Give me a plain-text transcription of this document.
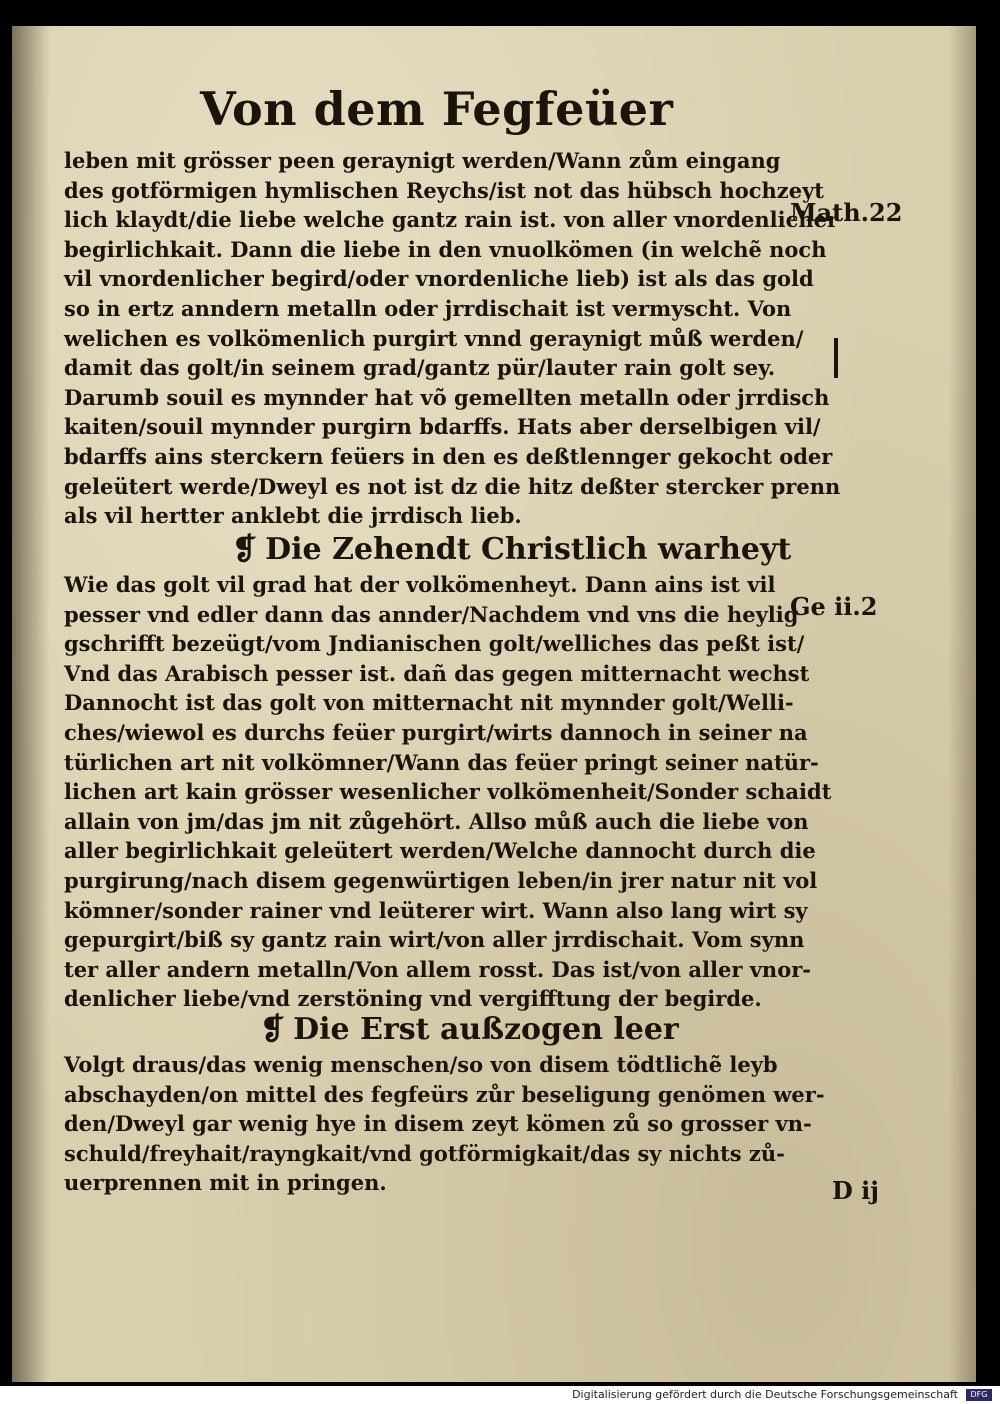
Von dem Fegfeüer
leben mit grösser peen geraynigt werden/Wann zům eingang
des gotförmigen hymlischen Reychs/ist not das hübsch hochzeyt
lich klaydt/die liebe welche gantz rain ist. von aller vnordenlicher
begirlichkait. Dann die liebe in den vnuolkömen (in welchẽ noch
vil vnordenlicher begird/oder vnordenliche lieb) ist als das gold
so in ertz anndern metalln oder jrrdischait ist vermyscht. Von
welichen es volkömenlich purgirt vnnd geraynigt můß werden/
damit das golt/in seinem grad/gantz pür/lauter rain golt sey.
Darumb souil es mynnder hat võ gemellten metalln oder jrrdisch
kaiten/souil mynnder purgirn bdarffs. Hats aber derselbigen vil/
bdarffs ains sterckern feüers in den es deßtlennger gekocht oder
geleütert werde/Dweyl es not ist dz die hitz deßter stercker prenn
als vil hertter anklebt die jrrdisch lieb.
❡ Die Zehendt Christlich warheyt
Wie das golt vil grad hat der volkömenheyt. Dann ains ist vil
pesser vnd edler dann das annder/Nachdem vnd vns die heylig
gschrifft bezeügt/vom Jndianischen golt/welliches das peßt ist/
Vnd das Arabisch pesser ist. dañ das gegen mitternacht wechst
Dannocht ist das golt von mitternacht nit mynnder golt/Welli-
ches/wiewol es durchs feüer purgirt/wirts dannoch in seiner na
türlichen art nit volkömner/Wann das feüer pringt seiner natür-
lichen art kain grösser wesenlicher volkömenheit/Sonder schaidt
allain von jm/das jm nit zůgehört. Allso můß auch die liebe von
aller begirlichkait geleütert werden/Welche dannocht durch die
purgirung/nach disem gegenwürtigen leben/in jrer natur nit vol
kömner/sonder rainer vnd leüterer wirt. Wann also lang wirt sy
gepurgirt/biß sy gantz rain wirt/von aller jrrdischait. Vom synn
ter aller andern metalln/Von allem rosst. Das ist/von aller vnor-
denlicher liebe/vnd zerstöning vnd vergifftung der begirde.
❡ Die Erst außzogen leer
Volgt draus/das wenig menschen/so von disem tödtlichẽ leyb
abschayden/on mittel des fegfeürs zůr beseligung genömen wer-
den/Dweyl gar wenig hye in disem zeyt kömen zů so grosser vn-
schuld/freyhait/rayngkait/vnd gotförmigkait/das sy nichts zů-
uerprennen mit in pringen.
Math.22
Ge ii.2
D ij
Digitalisierung gefördert durch die Deutsche Forschungsgemeinschaft	DFG
